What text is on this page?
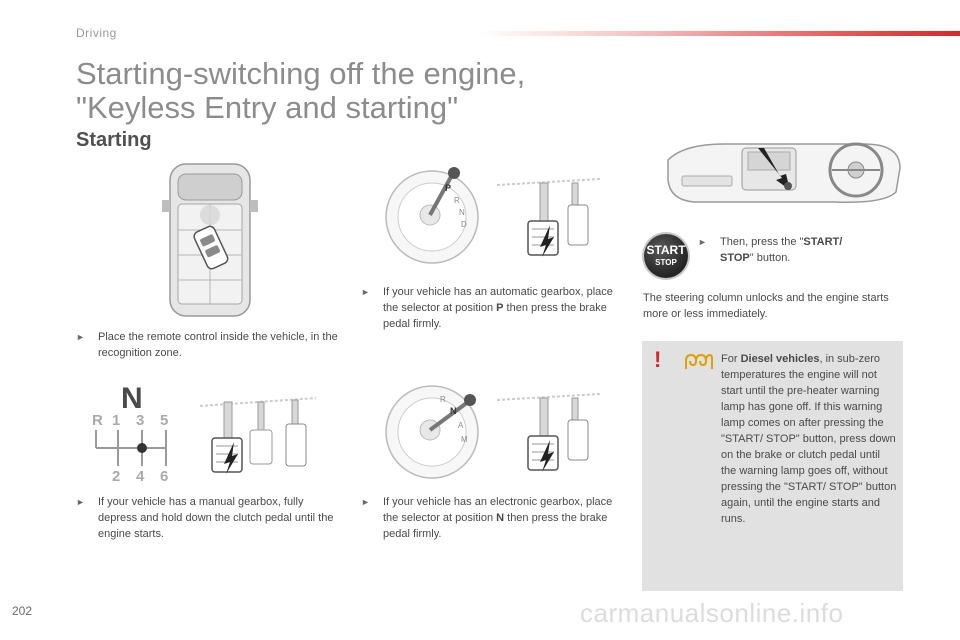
Driving
Starting-switching off the engine,
"Keyless Entry and starting"
Starting
P
R
N
D
START
STOP
► Then, press the "START/ STOP" button.
The steering column unlocks and the engine starts more or less immediately.
► If your vehicle has an automatic gearbox, place the selector at position P then press the brake pedal firmly.
► Place the remote control inside the vehicle, in the recognition zone.
N
R 1 3 5
2 4 6
R
N
A
M
► If your vehicle has a manual gearbox, fully depress and hold down the clutch pedal until the engine starts.
► If your vehicle has an electronic gearbox, place the selector at position N then press the brake pedal firmly.
!	For Diesel vehicles, in sub-zero temperatures the engine will not start until the pre-heater warning lamp has gone off. If this warning lamp comes on after pressing the "START/ STOP" button, press down on the brake or clutch pedal until the warning lamp goes off, without pressing the "START/ STOP" button again, until the engine starts and runs.
202	carmanualsonline.info
